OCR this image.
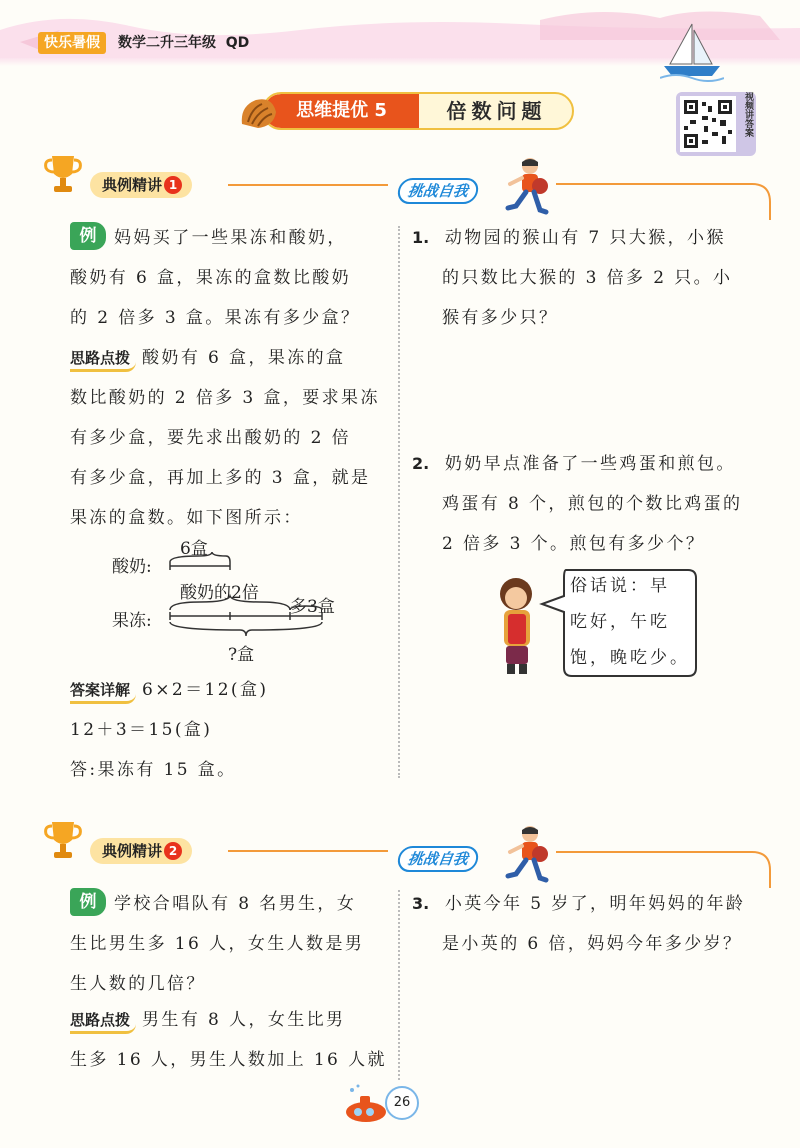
快乐暑假	数学二升三年级  QD
思维提优 5	倍数问题	视频讲答案
典例精讲 1	挑战自我
例 妈妈买了一些果冻和酸奶，
酸奶有 6 盒，果冻的盒数比酸奶
的 2 倍多 3 盒。果冻有多少盒？
思路点拨 酸奶有 6 盒，果冻的盒
数比酸奶的 2 倍多 3 盒，要求果冻
有多少盒，要先求出酸奶的 2 倍
有多少盒，再加上多的 3 盒，就是
果冻的盒数。如下图所示：
酸奶:
6盒
果冻:
酸奶的2倍
多3盒
?盒
答案详解 6×2＝12(盒)
12＋3＝15(盒)
答:果冻有 15 盒。
1. 动物园的猴山有 7 只大猴，小猴
的只数比大猴的 3 倍多 2 只。小
猴有多少只？
2. 奶奶早点准备了一些鸡蛋和煎包。
鸡蛋有 8 个，煎包的个数比鸡蛋的
2 倍多 3 个。煎包有多少个？
俗话说：早
吃好，午吃
饱，晚吃少。
典例精讲 2	挑战自我
例 学校合唱队有 8 名男生，女
生比男生多 16 人，女生人数是男
生人数的几倍？
思路点拨 男生有 8 人，女生比男
生多 16 人，男生人数加上 16 人就
3. 小英今年 5 岁了，明年妈妈的年龄
是小英的 6 倍，妈妈今年多少岁？
26
